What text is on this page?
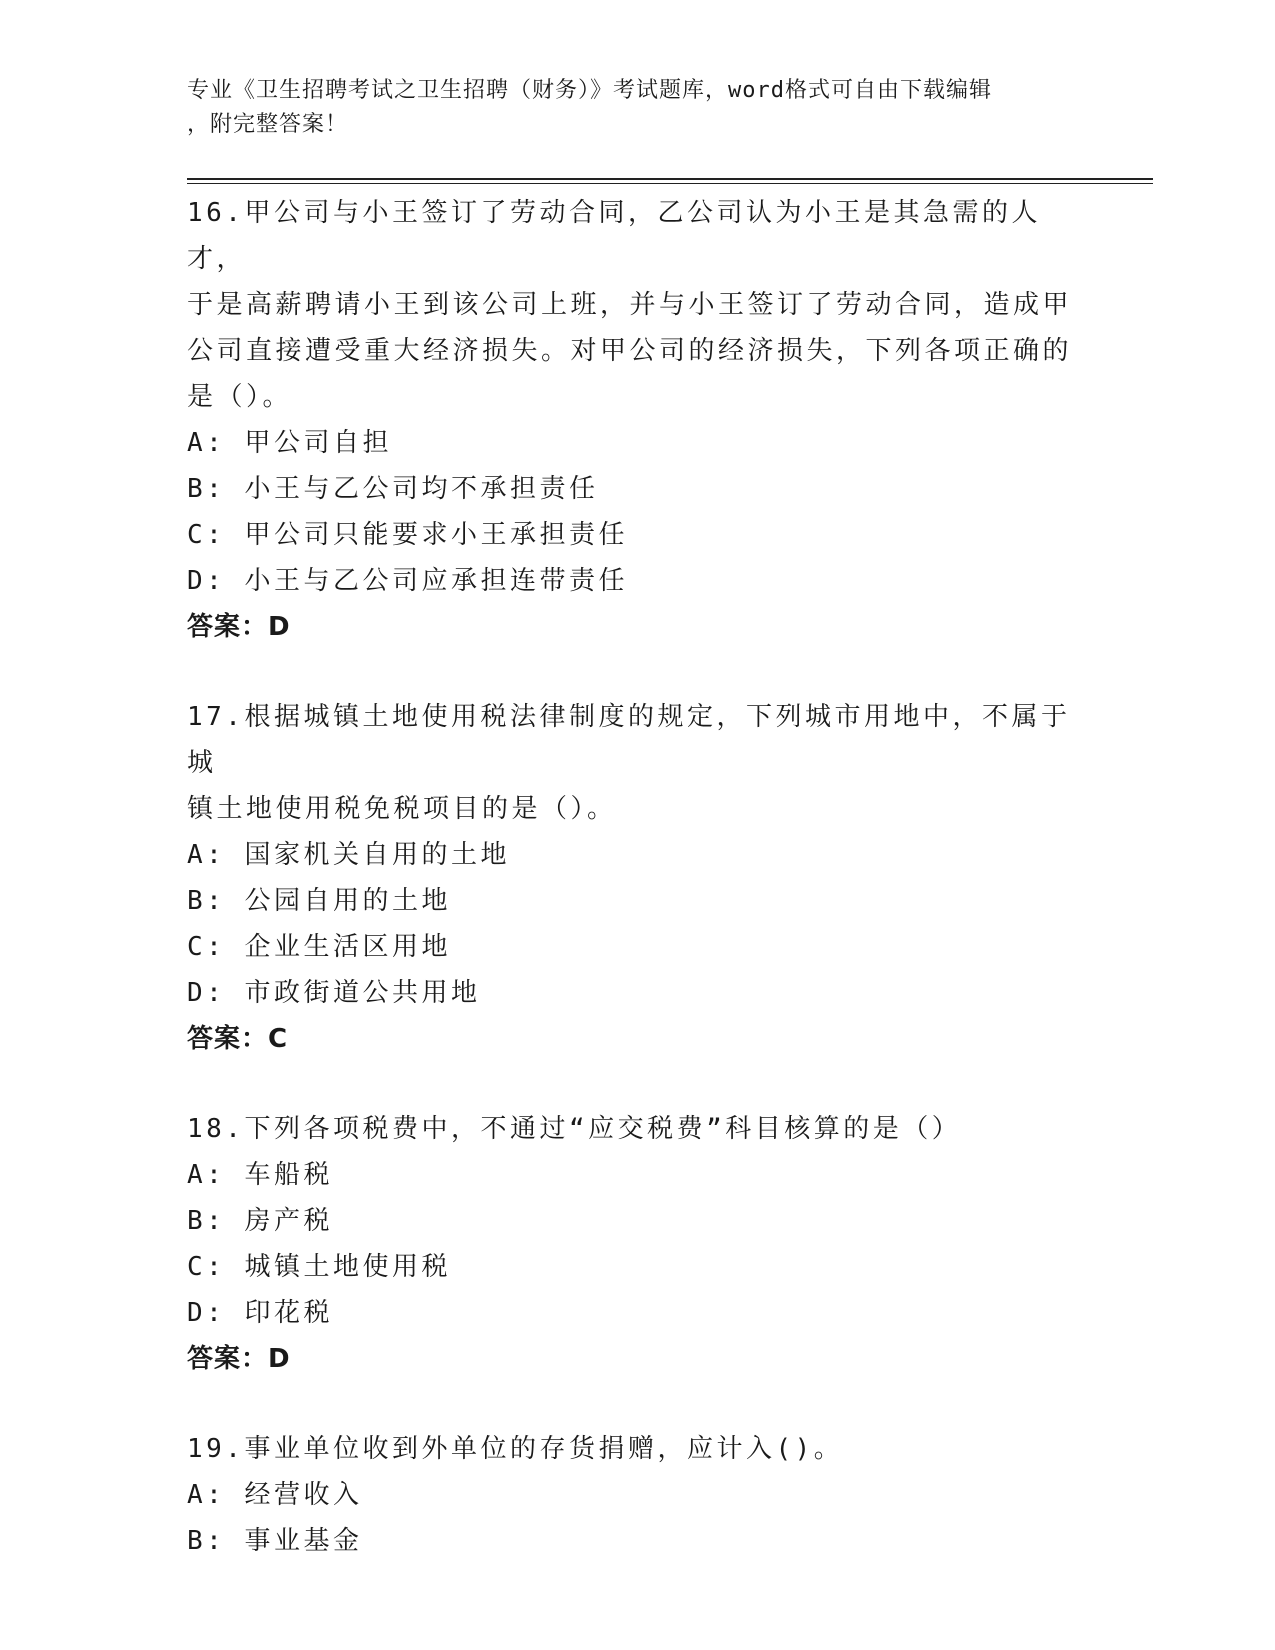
专业《卫生招聘考试之卫生招聘（财务）》考试题库，word格式可自由下载编辑
，附完整答案！

16.甲公司与小王签订了劳动合同，乙公司认为小王是其急需的人才，

于是高薪聘请小王到该公司上班，并与小王签订了劳动合同，造成甲

公司直接遭受重大经济损失。对甲公司的经济损失，下列各项正确的

是（）。

A: 甲公司自担

B: 小王与乙公司均不承担责任

C: 甲公司只能要求小王承担责任

D: 小王与乙公司应承担连带责任

答案：D

17.根据城镇土地使用税法律制度的规定，下列城市用地中，不属于城

镇土地使用税免税项目的是（）。

A: 国家机关自用的土地

B: 公园自用的土地

C: 企业生活区用地

D: 市政街道公共用地

答案：C

18.下列各项税费中，不通过“应交税费”科目核算的是（）

A: 车船税

B: 房产税

C: 城镇土地使用税

D: 印花税

答案：D

19.事业单位收到外单位的存货捐赠，应计入()。

A: 经营收入

B: 事业基金
